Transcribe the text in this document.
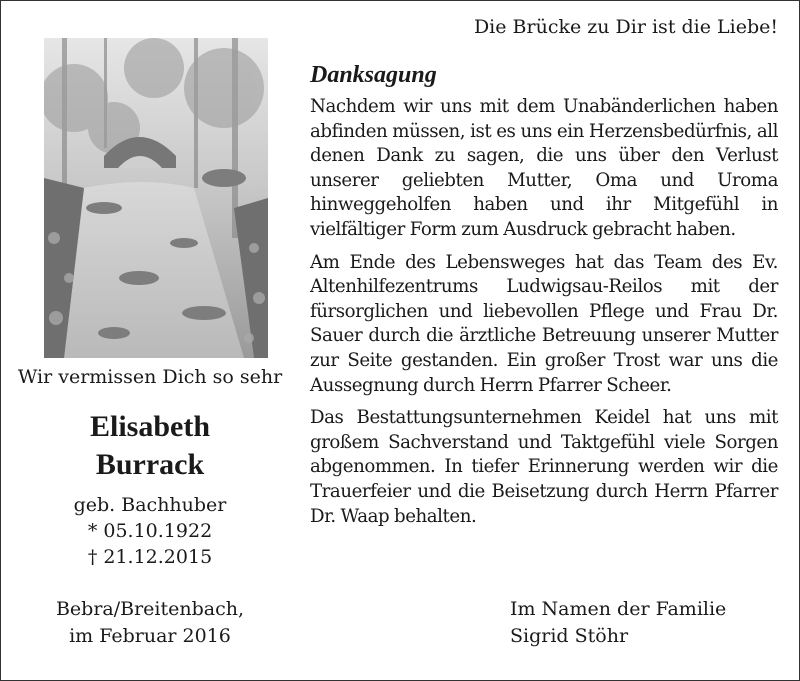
Die Brücke zu Dir ist die Liebe!
Wir vermissen Dich so sehr
Elisabeth
Burrack
geb. Bachhuber
* 05.10.1922
† 21.12.2015
Bebra/Breitenbach,
im Februar 2016
Danksagung

Nachdem wir uns mit dem Unabänderlichen haben abfinden müssen, ist es uns ein Herzensbedürfnis, all denen Dank zu sagen, die uns über den Verlust unserer geliebten Mutter, Oma und Uroma hinweggeholfen haben und ihr Mitgefühl in vielfältiger Form zum Ausdruck gebracht haben.

Am Ende des Lebensweges hat das Team des Ev. Altenhilfezentrums Ludwigsau-Reilos mit der fürsorglichen und liebevollen Pflege und Frau Dr. Sauer durch die ärztliche Betreuung unserer Mutter zur Seite gestanden. Ein großer Trost war uns die Aussegnung durch Herrn Pfarrer Scheer.

Das Bestattungsunternehmen Keidel hat uns mit großem Sachverstand und Taktgefühl viele Sorgen abgenommen. In tiefer Erinnerung werden wir die Trauerfeier und die Beisetzung durch Herrn Pfarrer Dr. Waap behalten.

Im Namen der Familie
Sigrid Stöhr
